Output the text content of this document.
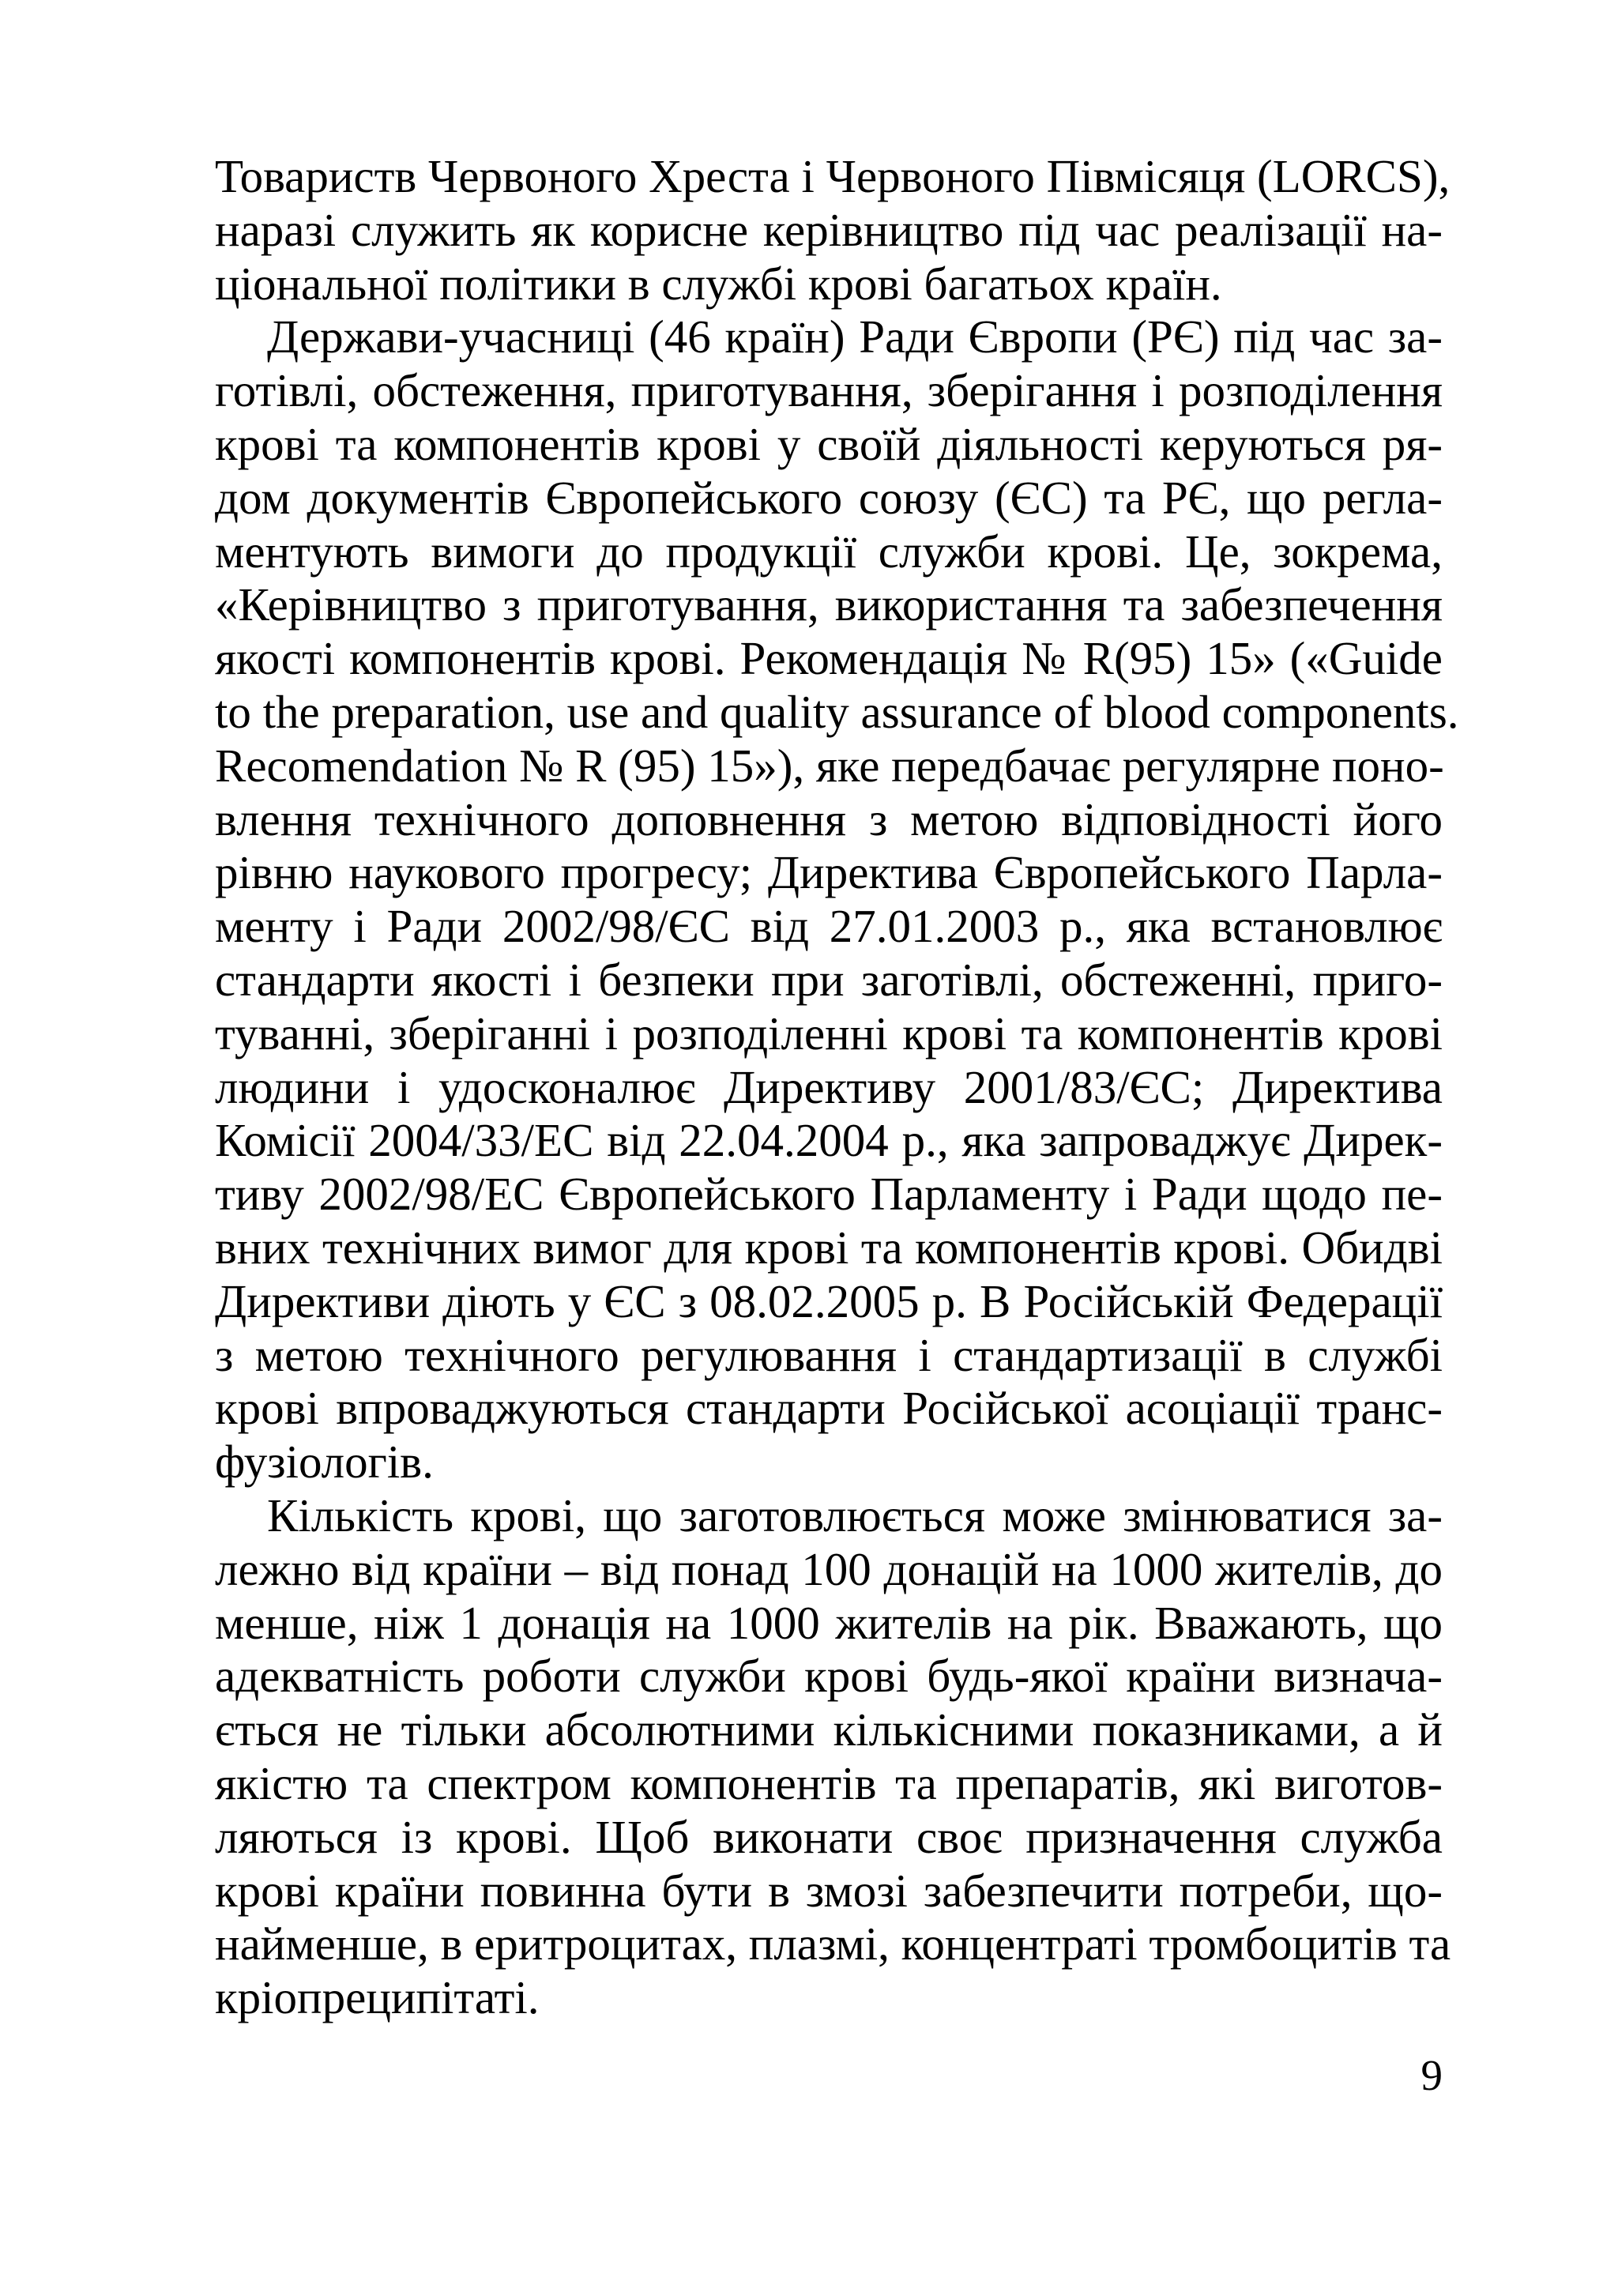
Товариств Червоного Хреста і Червоного Півмісяця (LORCS),
наразі служить як корисне керівництво під час реалізації на-
ціональної політики в службі крові багатьох країн.
Держави-учасниці (46 країн) Ради Європи (РЄ) під час за-
готівлі, обстеження, приготування, зберігання і розподілення
крові та компонентів крові у своїй діяльності керуються ря-
дом документів Європейського союзу (ЄС) та РЄ, що регла-
ментують вимоги до продукції служби крові. Це, зокрема,
«Керівництво з приготування, використання та забезпечення
якості компонентів крові. Рекомендація № R(95) 15» («Guide
to the preparation, use and quality assurance of blood components.
Recomendation № R (95) 15»), яке передбачає регулярне поно-
влення технічного доповнення з метою відповідності його
рівню наукового прогресу; Директива Європейського Парла-
менту і Ради 2002/98/ЄС від 27.01.2003 р., яка встановлює
стандарти якості і безпеки при заготівлі, обстеженні, приго-
туванні, зберіганні і розподіленні крові та компонентів крові
людини і удосконалює Директиву 2001/83/ЄС; Директива
Комісії 2004/33/ЕС від 22.04.2004 р., яка запроваджує Дирек-
тиву 2002/98/ЕС Європейського Парламенту і Ради щодо пе-
вних технічних вимог для крові та компонентів крові. Обидві
Директиви діють у ЄС з 08.02.2005 р. В Російській Федерації
з метою технічного регулювання і стандартизації в службі
крові впроваджуються стандарти Російської асоціації транс-
фузіологів.
Кількість крові, що заготовлюється може змінюватися за-
лежно від країни – від понад 100 донацій на 1000 жителів, до
менше, ніж 1 донація на 1000 жителів на рік. Вважають, що
адекватність роботи служби крові будь-якої країни визнача-
ється не тільки абсолютними кількісними показниками, а й
якістю та спектром компонентів та препаратів, які виготов-
ляються із крові. Щоб виконати своє призначення служба
крові країни повинна бути в змозі забезпечити потреби, що-
найменше, в еритроцитах, плазмі, концентраті тромбоцитів та
кріопреципітаті.
9
